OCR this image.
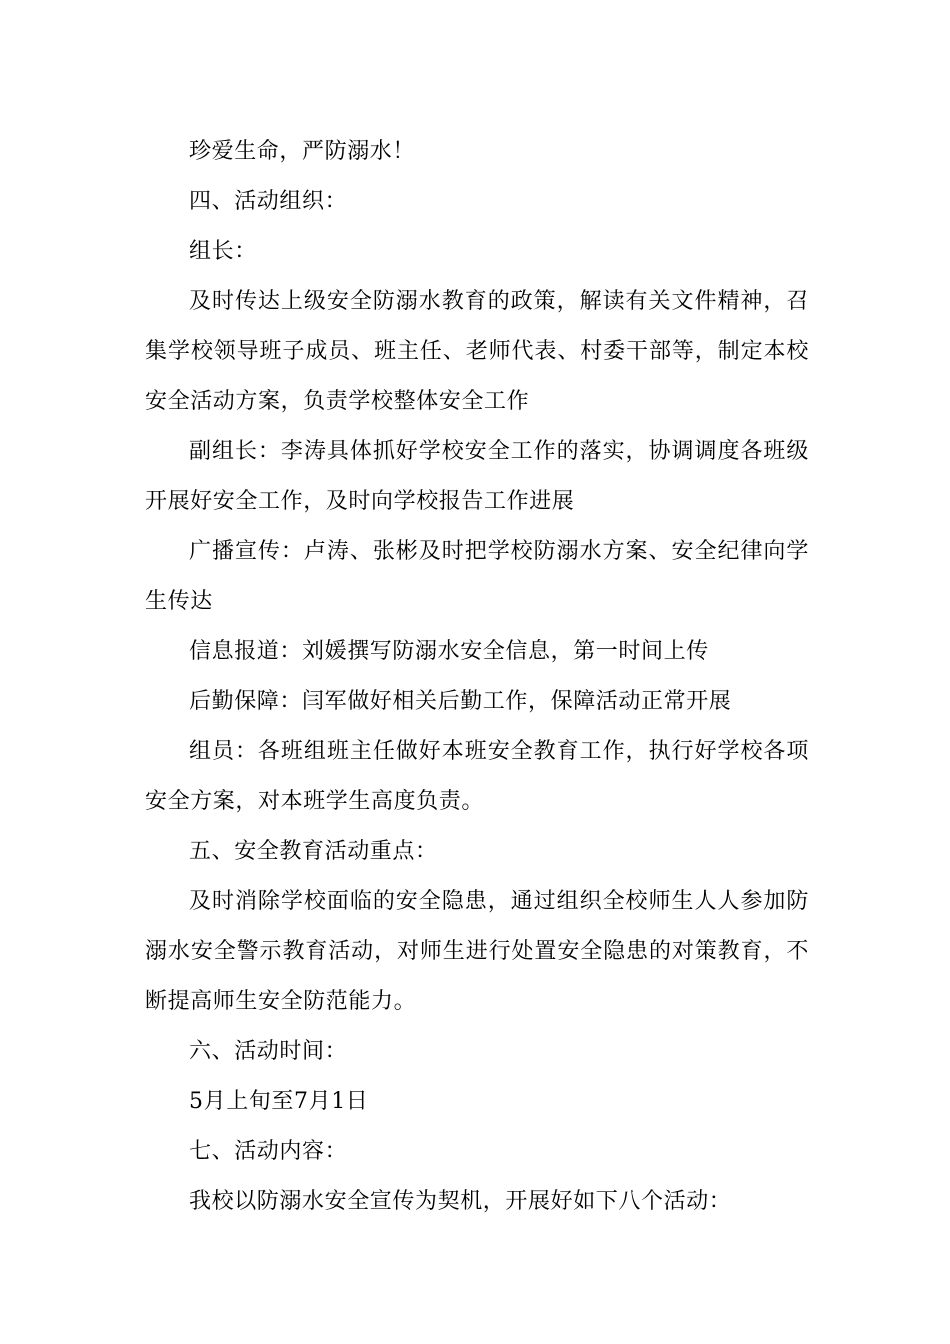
珍爱生命，严防溺水！

四、活动组织：

组长：

及时传达上级安全防溺水教育的政策，解读有关文件精神，召集学校领导班子成员、班主任、老师代表、村委干部等，制定本校安全活动方案，负责学校整体安全工作

副组长：李涛具体抓好学校安全工作的落实，协调调度各班级开展好安全工作，及时向学校报告工作进展

广播宣传：卢涛、张彬及时把学校防溺水方案、安全纪律向学生传达

信息报道：刘媛撰写防溺水安全信息，第一时间上传

后勤保障：闫军做好相关后勤工作，保障活动正常开展

组员：各班组班主任做好本班安全教育工作，执行好学校各项安全方案，对本班学生高度负责。

五、安全教育活动重点：

及时消除学校面临的安全隐患，通过组织全校师生人人参加防溺水安全警示教育活动，对师生进行处置安全隐患的对策教育，不断提高师生安全防范能力。

六、活动时间：

5月上旬至7月1日

七、活动内容：

我校以防溺水安全宣传为契机，开展好如下八个活动：
